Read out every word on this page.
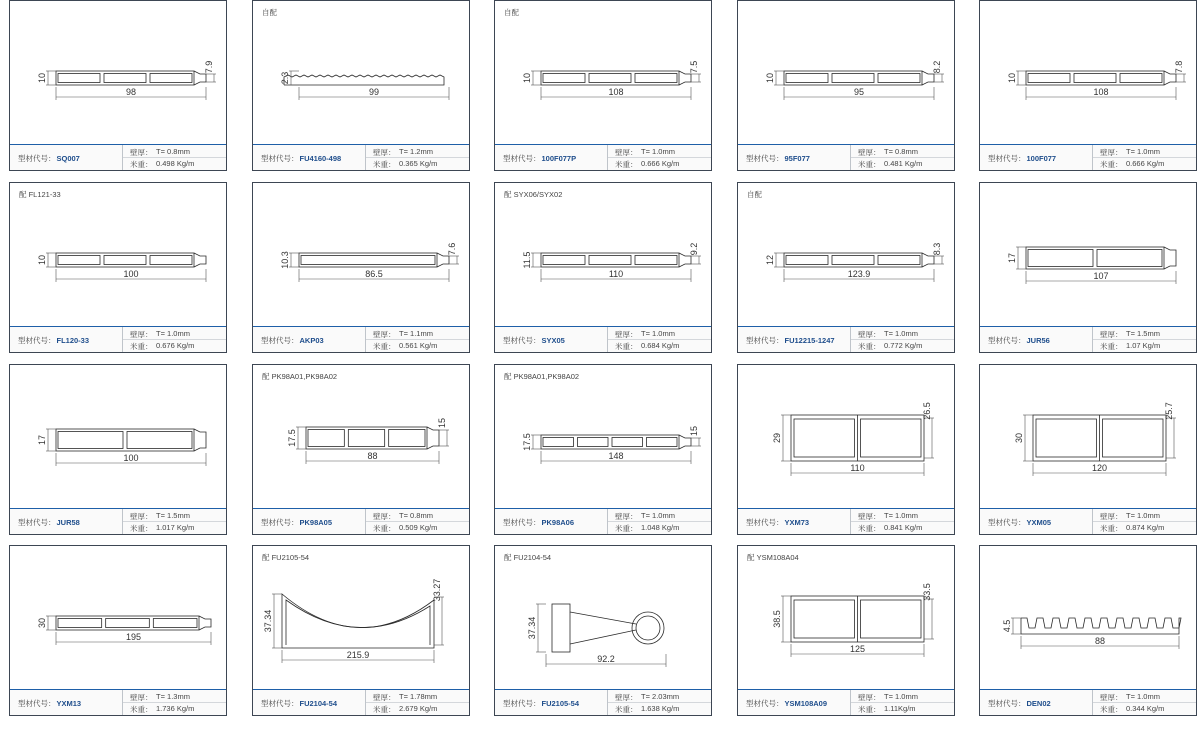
98
10
7.9
型材代号：SQ007
壁厚： T= 0.8mm
米重： 0.498 Kg/m
自配
99
2.3
型材代号：FU4160-498
壁厚： T= 1.2mm
米重： 0.365 Kg/m
自配
108
10
7.5
型材代号：100F077P
壁厚： T= 1.0mm
米重： 0.666 Kg/m
95
10
8.2
型材代号：95F077
壁厚： T= 0.8mm
米重： 0.481 Kg/m
108
10
7.8
型材代号：100F077
壁厚： T= 1.0mm
米重： 0.666 Kg/m
配 FL121-33
100
10
型材代号：FL120-33
壁厚： T= 1.0mm
米重： 0.676 Kg/m
86.5
10.3
7.6
型材代号：AKP03
壁厚： T= 1.1mm
米重： 0.561 Kg/m
配 SYX06/SYX02
110
11.5
9.2
型材代号：SYX05
壁厚： T= 1.0mm
米重： 0.684 Kg/m
自配
123.9
12
8.3
型材代号：FU12215-1247
壁厚： T= 1.0mm
米重： 0.772 Kg/m
107
17
型材代号：JUR56
壁厚： T= 1.5mm
米重： 1.07 Kg/m
100
17
型材代号：JUR58
壁厚： T= 1.5mm
米重： 1.017 Kg/m
配 PK98A01,PK98A02
88
17.5
15
型材代号：PK98A05
壁厚： T= 0.8mm
米重： 0.509 Kg/m
配 PK98A01,PK98A02
148
17.5
15
型材代号：PK98A06
壁厚： T= 1.0mm
米重： 1.048 Kg/m
110
29
26.5
型材代号：YXM73
壁厚： T= 1.0mm
米重： 0.841 Kg/m
120
30
25.7
型材代号：YXM05
壁厚： T= 1.0mm
米重： 0.874 Kg/m
195
30
型材代号：YXM13
壁厚： T= 1.3mm
米重： 1.736 Kg/m
配 FU2105-54
215.9
37.34
33.27
型材代号：FU2104-54
壁厚： T= 1.78mm
米重： 2.679 Kg/m
配 FU2104-54
92.2
37.34
型材代号：FU2105-54
壁厚： T= 2.03mm
米重： 1.638 Kg/m
配 YSM108A04
125
38.5
33.5
型材代号：YSM108A09
壁厚： T= 1.0mm
米重： 1.11Kg/m
88
4.5
型材代号：DEN02
壁厚： T= 1.0mm
米重： 0.344 Kg/m
